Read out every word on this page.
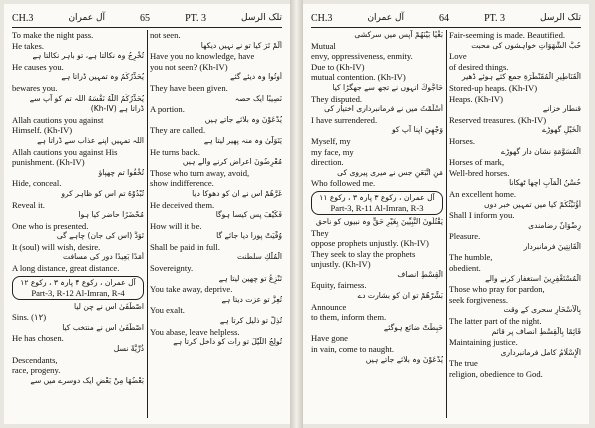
CH.3	آل عمران	65	PT. 3	تلک الرسل
To make the night pass.
He takes.
تُخْرِجُ وہ نکالتا ہے، تو باہر نکالتا ہے
He causes you.
يُحَذِّرُكُمُ وہ تمہیں ڈراتا ہے
bewares you.
يُحَذِّرُكُمُ اللّٰهُ نَفْسَهُ اللہ تم کو آپ سے
ڈراتا ہے (Kh-IV)
Allah cautions you against
Himself. (Kh-IV)
اللہ تمہیں اپنے عذاب سے ڈراتا ہے
Allah cautions you against His
punishment. (Kh-IV)
تُخْفُوا تم چھپاؤ
Hide, conceal.
تُبْدُوْهُ تم اس کو ظاہر کرو
Reveal it.
مُحْضَرًا حاضر کیا ہوا
One who is presented.
تَوَدُّ (اس کی جان) چاہے گی
It (soul) will wish, desire.
أَمَدًا بَعِيدًا دور کی مسافت
A long distance, great distance.
آل عمران ، رکوع ۴ پارہ ۳ ، رکوع ۱۲
Part-3, R-12 Al-Imran, R-4
اصْطَفَىٰ اس نے چن لیا
Sins. (۱۲)
اصْطَفَىٰ اس نے منتخب کیا
He has chosen.
ذُرِّيَّةً نسل
Descendants,
race, progeny.
بَعْضُهَا مِنْ بَعْضٍ ایک دوسرے میں سے
not seen.
أَلَمْ تَرَ کیا تو نے نہیں دیکھا
Have you no knowledge, have
you not seen? (Kh-IV)
أُوتُوا وہ دیئے گئے
They have been given.
نَصِيبًا ایک حصہ
A portion.
يُدْعَوْنَ وہ بلائے جاتے ہیں
They are called.
يَتَوَلَّىٰ وہ منہ پھیر لیتا ہے
He turns back.
مُعْرِضُونَ اعراض کرنے والے ہیں
Those who turn away, avoid,
show indifference.
غَرَّهُمْ اس نے ان کو دھوکا دیا
He deceived them.
فَكَيْفَ پس کیسا ہوگا
How will it be.
وُفِّيَتْ پورا دیا جائے گا
Shall be paid in full.
الْمُلْكِ سلطنت
Sovereignty.
تَنْزِعُ تو چھین لیتا ہے
You take away, deprive.
تُعِزُّ تو عزت دیتا ہے
You exalt.
تُذِلُّ تو ذلیل کرتا ہے
You abase, leave helpless.
تُولِجُ اللَّيْلَ تو رات کو داخل کرتا ہے
CH.3	آل عمران	64	PT. 3	تلک الرسل
بَغْيًا بَيْنَهُمْ آپس میں سرکشی
Mutual
envy, oppressiveness, enmity.
Due to (Kh-IV)
mutual contention. (Kh-IV)
حَاجُّوكَ انہوں نے تجھ سے جھگڑا کیا
They disputed.
أَسْلَمْتُ میں نے فرمانبرداری اختیار کی
I have surrendered.
وَجْهِيَ اپنا آپ کو
Myself, my
my face, my
direction.
مَنِ اتَّبَعَنِ جس نے میری پیروی کی
Who followed me.
آل عمران ، رکوع ۳ پارہ ۳ ، رکوع ۱۱
Part-3, R-11 Al-Imran, R-3
يَقْتُلُونَ النَّبِيِّينَ بِغَيْرِ حَقٍّ وہ نبیوں کو ناحق
They
oppose prophets unjustly. (Kh-IV)
They seek to slay the prophets
unjustly. (Kh-IV)
الْقِسْطِ انصاف
Equity, fairness.
بَشِّرْهُمْ تو ان کو بشارت دے
Announce
to them, inform them.
حَبِطَتْ ضائع ہوگئے
Have gone
in vain, come to naught.
يُدْعَوْنَ وہ بلائے جاتے ہیں
Fair-seeming is made. Beautified.
حُبُّ الشَّهَوَاتِ خواہشوں کی محبت
Love
of desired things.
الْقَنَاطِيرِ الْمُقَنْطَرَةِ جمع کئے ہوئے ڈھیر
Stored-up heaps. (Kh-IV)
Heaps. (Kh-IV)
قنطار خزانے
Reserved treasures. (Kh-IV)
الْخَيْلِ گھوڑے
Horses.
الْمُسَوَّمَةِ نشان دار گھوڑے
Horses of mark,
Well-bred horses.
حُسْنُ الْمَآبِ اچھا ٹھکانا
An excellent home.
أَؤُنَبِّئُكُمْ کیا میں تمہیں خبر دوں
Shall I inform you.
رِضْوَانٌ رضامندی
Pleasure.
الْقَانِتِينَ فرمانبردار
The humble,
obedient.
الْمُسْتَغْفِرِينَ استغفار کرنے والے
Those who pray for pardon,
seek forgiveness.
بِالْأَسْحَارِ سحری کے وقت
The latter part of the night.
قَائِمًا بِالْقِسْطِ انصاف پر قائم
Maintaining justice.
الْإِسْلَامُ کامل فرمانبرداری
The true
religion, obedience to God.
